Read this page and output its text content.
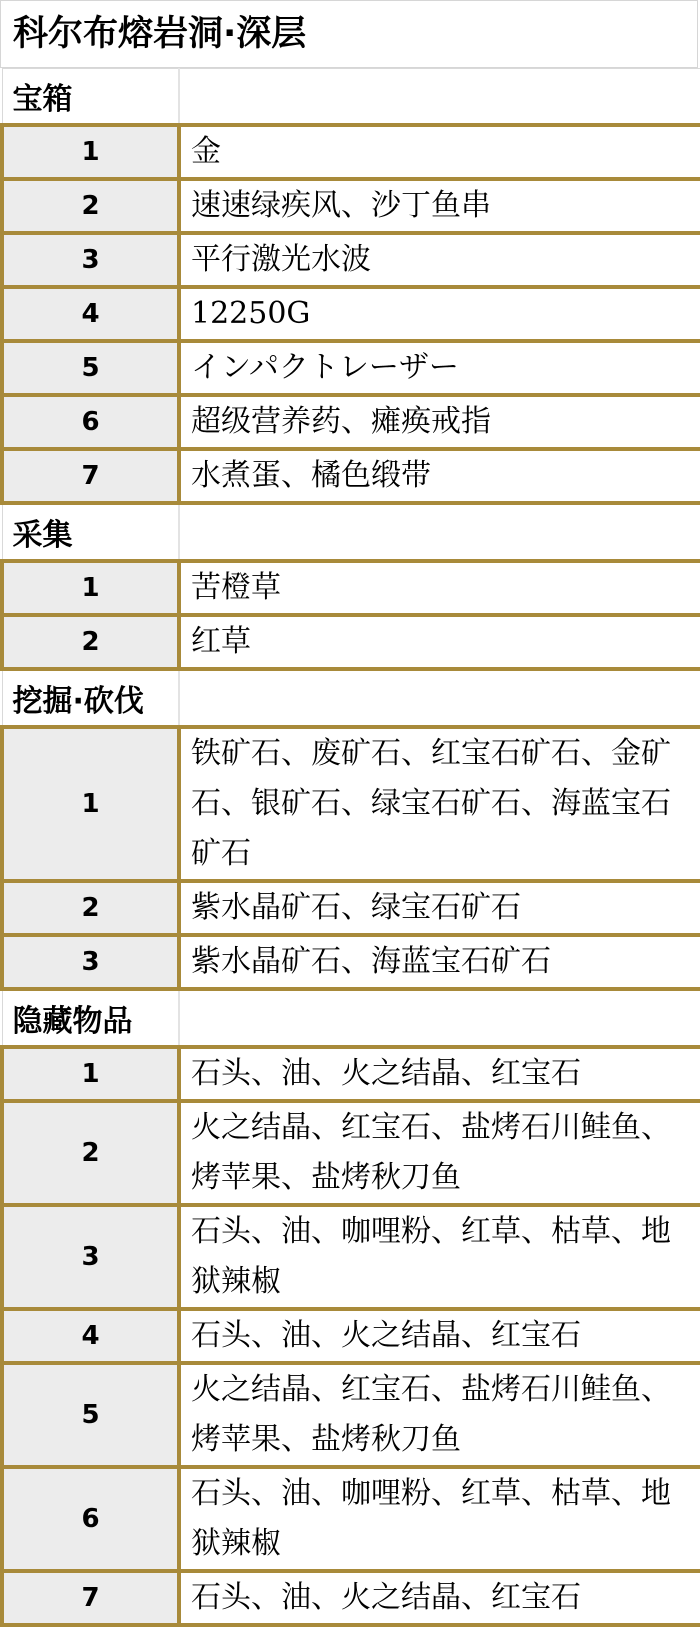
科尔布熔岩洞·深层
宝箱	
1	金
2	速速绿疾风、沙丁鱼串
3	平行激光水波
4	12250G
5	インパクトレーザー
6	超级营养药、瘫痪戒指
7	水煮蛋、橘色缎带
采集	
1	苦橙草
2	红草
挖掘·砍伐	
1	铁矿石、废矿石、红宝石矿石、金矿石、银矿石、绿宝石矿石、海蓝宝石矿石
2	紫水晶矿石、绿宝石矿石
3	紫水晶矿石、海蓝宝石矿石
隐藏物品	
1	石头、油、火之结晶、红宝石
2	火之结晶、红宝石、盐烤石川鲑鱼、烤苹果、盐烤秋刀鱼
3	石头、油、咖哩粉、红草、枯草、地狱辣椒
4	石头、油、火之结晶、红宝石
5	火之结晶、红宝石、盐烤石川鲑鱼、烤苹果、盐烤秋刀鱼
6	石头、油、咖哩粉、红草、枯草、地狱辣椒
7	石头、油、火之结晶、红宝石
